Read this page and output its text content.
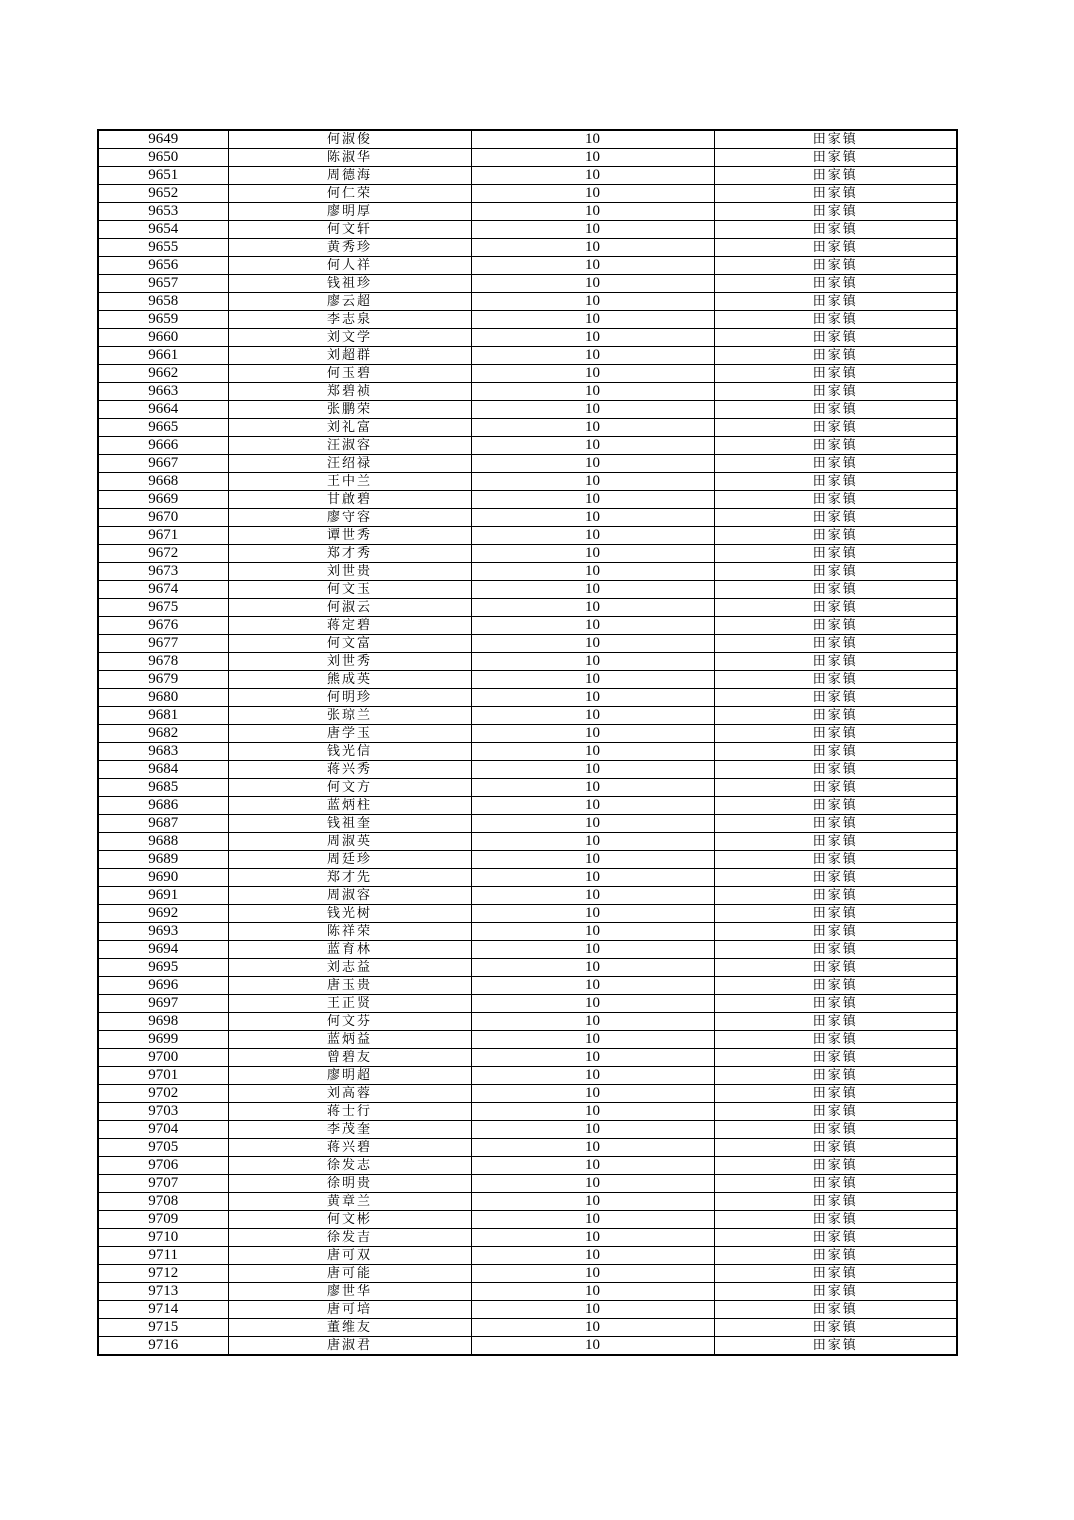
9649	何淑俊	10	田家镇
9650	陈淑华	10	田家镇
9651	周德海	10	田家镇
9652	何仁荣	10	田家镇
9653	廖明厚	10	田家镇
9654	何文轩	10	田家镇
9655	黄秀珍	10	田家镇
9656	何人祥	10	田家镇
9657	钱祖珍	10	田家镇
9658	廖云超	10	田家镇
9659	李志泉	10	田家镇
9660	刘文学	10	田家镇
9661	刘超群	10	田家镇
9662	何玉碧	10	田家镇
9663	郑碧祯	10	田家镇
9664	张鹏荣	10	田家镇
9665	刘礼富	10	田家镇
9666	汪淑容	10	田家镇
9667	汪绍禄	10	田家镇
9668	王中兰	10	田家镇
9669	甘啟碧	10	田家镇
9670	廖守容	10	田家镇
9671	谭世秀	10	田家镇
9672	郑才秀	10	田家镇
9673	刘世贵	10	田家镇
9674	何文玉	10	田家镇
9675	何淑云	10	田家镇
9676	蒋定碧	10	田家镇
9677	何文富	10	田家镇
9678	刘世秀	10	田家镇
9679	熊成英	10	田家镇
9680	何明珍	10	田家镇
9681	张琼兰	10	田家镇
9682	唐学玉	10	田家镇
9683	钱光信	10	田家镇
9684	蒋兴秀	10	田家镇
9685	何文方	10	田家镇
9686	蓝炳柱	10	田家镇
9687	钱祖奎	10	田家镇
9688	周淑英	10	田家镇
9689	周廷珍	10	田家镇
9690	郑才先	10	田家镇
9691	周淑容	10	田家镇
9692	钱光树	10	田家镇
9693	陈祥荣	10	田家镇
9694	蓝育林	10	田家镇
9695	刘志益	10	田家镇
9696	唐玉贵	10	田家镇
9697	王正贤	10	田家镇
9698	何文芬	10	田家镇
9699	蓝炳益	10	田家镇
9700	曾碧友	10	田家镇
9701	廖明超	10	田家镇
9702	刘高蓉	10	田家镇
9703	蒋士行	10	田家镇
9704	李茂奎	10	田家镇
9705	蒋兴碧	10	田家镇
9706	徐发志	10	田家镇
9707	徐明贵	10	田家镇
9708	黄章兰	10	田家镇
9709	何文彬	10	田家镇
9710	徐发吉	10	田家镇
9711	唐可双	10	田家镇
9712	唐可能	10	田家镇
9713	廖世华	10	田家镇
9714	唐可培	10	田家镇
9715	董维友	10	田家镇
9716	唐淑君	10	田家镇
